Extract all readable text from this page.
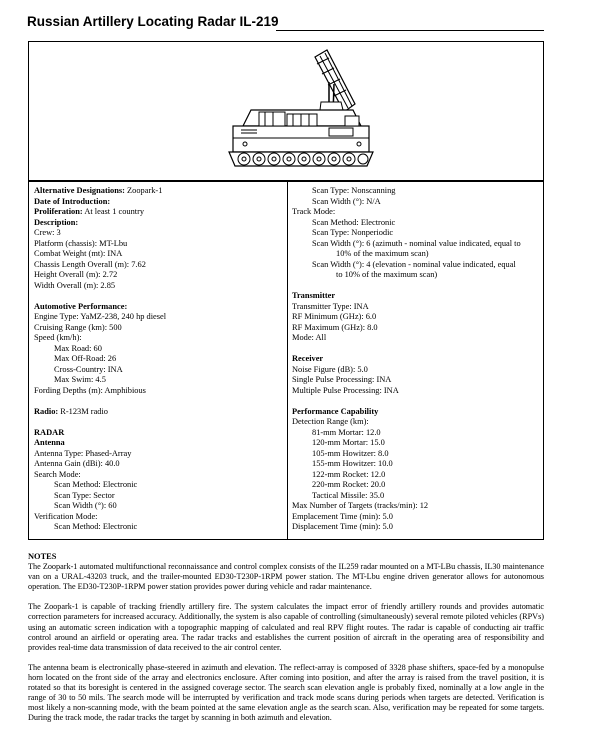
Russian Artillery Locating Radar IL-219
Alternative Designations: Zoopark-1
Date of Introduction:
Proliferation: At least 1 country
Description:
Crew: 3
Platform (chassis): MT-Lbu
Combat Weight (mt): INA
Chassis Length Overall (m): 7.62
Height Overall (m): 2.72
Width Overall (m): 2.85
Automotive Performance:
Engine Type: YaMZ-238, 240 hp diesel
Cruising Range (km): 500
Speed (km/h):
Max Road: 60
Max Off-Road: 26
Cross-Country: INA
Max Swim: 4.5
Fording Depths (m): Amphibious
Radio: R-123M radio
RADAR
Antenna
Antenna Type: Phased-Array
Antenna Gain (dBi): 40.0
Search Mode:
Scan Method: Electronic
Scan Type: Sector
Scan Width (°): 60
Verification Mode:
Scan Method: Electronic
Scan Type: Nonscanning
Scan Width (°): N/A
Track Mode:
Scan Method: Electronic
Scan Type: Nonperiodic
Scan Width (°): 6 (azimuth - nominal value indicated, equal to
10% of the maximum scan)
Scan Width (°): 4 (elevation - nominal value indicated, equal
to 10% of the maximum scan)
Transmitter
Transmitter Type: INA
RF Minimum (GHz): 6.0
RF Maximum (GHz): 8.0
Mode: All
Receiver
Noise Figure (dB): 5.0
Single Pulse Processing: INA
Multiple Pulse Processing: INA
Performance Capability
Detection Range (km):
81-mm Mortar: 12.0
120-mm Mortar: 15.0
105-mm Howitzer: 8.0
155-mm Howitzer: 10.0
122-mm Rocket: 12.0
220-mm Rocket: 20.0
Tactical Missile: 35.0
Max Number of Targets (tracks/min): 12
Emplacement Time (min): 5.0
Displacement Time (min): 5.0
NOTES

The Zoopark-1 automated multifunctional reconnaissance and control complex consists of the IL259 radar mounted on a MT-LBu chassis, IL30 maintenance van on a URAL-43203 truck, and the trailer-mounted ED30-T230P-1RPM power station. The MT-Lbu engine driven generator allows for autonomous operation. The ED30-T230P-1RPM power station provides power during vehicle and radar maintenance.

The Zoopark-1 is capable of tracking friendly artillery fire. The system calculates the impact error of friendly artillery rounds and provides automatic correction parameters for increased accuracy. Additionally, the system is also capable of controlling (simultaneously) several remote piloted vehicles (RPVs) using an automatic screen indication with a topographic mapping of calculated and real RPV flight routes. The radar is capable of conducting air traffic control around an airfield or operating area. The radar tracks and establishes the current position of aircraft in the operating area of responsibility and provides real-time data transmission of data received to the air control center.

The antenna beam is electronically phase-steered in azimuth and elevation. The reflect-array is composed of 3328 phase shifters, space-fed by a monopulse horn located on the front side of the array and electronics enclosure. After coming into position, and after the array is raised from the travel position, it is rotated so that its boresight is centered in the assigned coverage sector. The search scan elevation angle is probably fixed, nominally at a low angle in the range of 30 to 50 mils. The search mode will be interrupted by verification and track mode scans during periods when targets are detected. Verification is most likely a non-scanning mode, with the beam pointed at the same elevation angle as the search scan. Also, verification may be repeated for some targets. During the track mode, the radar tracks the target by scanning in both azimuth and elevation.
